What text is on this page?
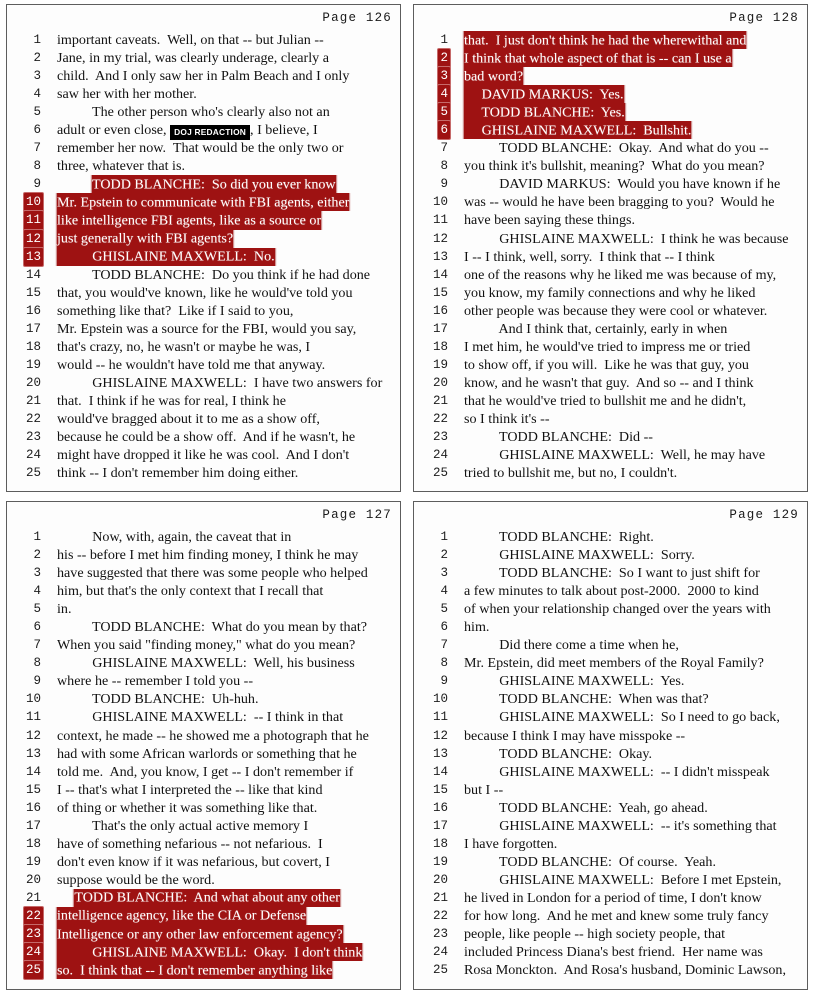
Page 126
1	important caveats.  Well, on that -- but Julian --
2	Jane, in my trial, was clearly underage, clearly a
3	child.  And I only saw her in Palm Beach and I only
4	saw her with her mother.
5	The other person who's clearly also not an
6	adult or even close, DOJ REDACTION , I believe, I
7	remember her now.  That would be the only two or
8	three, whatever that is.
9	TODD BLANCHE:  So did you ever know
10	Mr. Epstein to communicate with FBI agents, either
11	like intelligence FBI agents, like as a source or
12	just generally with FBI agents?
13	GHISLAINE MAXWELL:  No.
14	TODD BLANCHE:  Do you think if he had done
15	that, you would've known, like he would've told you
16	something like that?  Like if I said to you,
17	Mr. Epstein was a source for the FBI, would you say,
18	that's crazy, no, he wasn't or maybe he was, I
19	would -- he wouldn't have told me that anyway.
20	GHISLAINE MAXWELL:  I have two answers for
21	that.  I think if he was for real, I think he
22	would've bragged about it to me as a show off,
23	because he could be a show off.  And if he wasn't, he
24	might have dropped it like he was cool.  And I don't
25	think -- I don't remember him doing either.
Page 128
1	that.  I just don't think he had the wherewithal and
2	I think that whole aspect of that is -- can I use a
3	bad word?
4	DAVID MARKUS:  Yes.
5	TODD BLANCHE:  Yes.
6	GHISLAINE MAXWELL:  Bullshit.
7	TODD BLANCHE:  Okay.  And what do you --
8	you think it's bullshit, meaning?  What do you mean?
9	DAVID MARKUS:  Would you have known if he
10	was -- would he have been bragging to you?  Would he
11	have been saying these things.
12	GHISLAINE MAXWELL:  I think he was because
13	I -- I think, well, sorry.  I think that -- I think
14	one of the reasons why he liked me was because of my,
15	you know, my family connections and why he liked
16	other people was because they were cool or whatever.
17	And I think that, certainly, early in when
18	I met him, he would've tried to impress me or tried
19	to show off, if you will.  Like he was that guy, you
20	know, and he wasn't that guy.  And so -- and I think
21	that he would've tried to bullshit me and he didn't,
22	so I think it's --
23	TODD BLANCHE:  Did --
24	GHISLAINE MAXWELL:  Well, he may have
25	tried to bullshit me, but no, I couldn't.
Page 127
1	Now, with, again, the caveat that in
2	his -- before I met him finding money, I think he may
3	have suggested that there was some people who helped
4	him, but that's the only context that I recall that
5	in.
6	TODD BLANCHE:  What do you mean by that?
7	When you said "finding money," what do you mean?
8	GHISLAINE MAXWELL:  Well, his business
9	where he -- remember I told you --
10	TODD BLANCHE:  Uh-huh.
11	GHISLAINE MAXWELL:  -- I think in that
12	context, he made -- he showed me a photograph that he
13	had with some African warlords or something that he
14	told me.  And, you know, I get -- I don't remember if
15	I -- that's what I interpreted the -- like that kind
16	of thing or whether it was something like that.
17	That's the only actual active memory I
18	have of something nefarious -- not nefarious.  I
19	don't even know if it was nefarious, but covert, I
20	suppose would be the word.
21	TODD BLANCHE:  And what about any other
22	intelligence agency, like the CIA or Defense
23	Intelligence or any other law enforcement agency?
24	GHISLAINE MAXWELL:  Okay.  I don't think
25	so.  I think that -- I don't remember anything like
Page 129
1	TODD BLANCHE:  Right.
2	GHISLAINE MAXWELL:  Sorry.
3	TODD BLANCHE:  So I want to just shift for
4	a few minutes to talk about post-2000.  2000 to kind
5	of when your relationship changed over the years with
6	him.
7	Did there come a time when he,
8	Mr. Epstein, did meet members of the Royal Family?
9	GHISLAINE MAXWELL:  Yes.
10	TODD BLANCHE:  When was that?
11	GHISLAINE MAXWELL:  So I need to go back,
12	because I think I may have misspoke --
13	TODD BLANCHE:  Okay.
14	GHISLAINE MAXWELL:  -- I didn't misspeak
15	but I --
16	TODD BLANCHE:  Yeah, go ahead.
17	GHISLAINE MAXWELL:  -- it's something that
18	I have forgotten.
19	TODD BLANCHE:  Of course.  Yeah.
20	GHISLAINE MAXWELL:  Before I met Epstein,
21	he lived in London for a period of time, I don't know
22	for how long.  And he met and knew some truly fancy
23	people, like people -- high society people, that
24	included Princess Diana's best friend.  Her name was
25	Rosa Monckton.  And Rosa's husband, Dominic Lawson,
